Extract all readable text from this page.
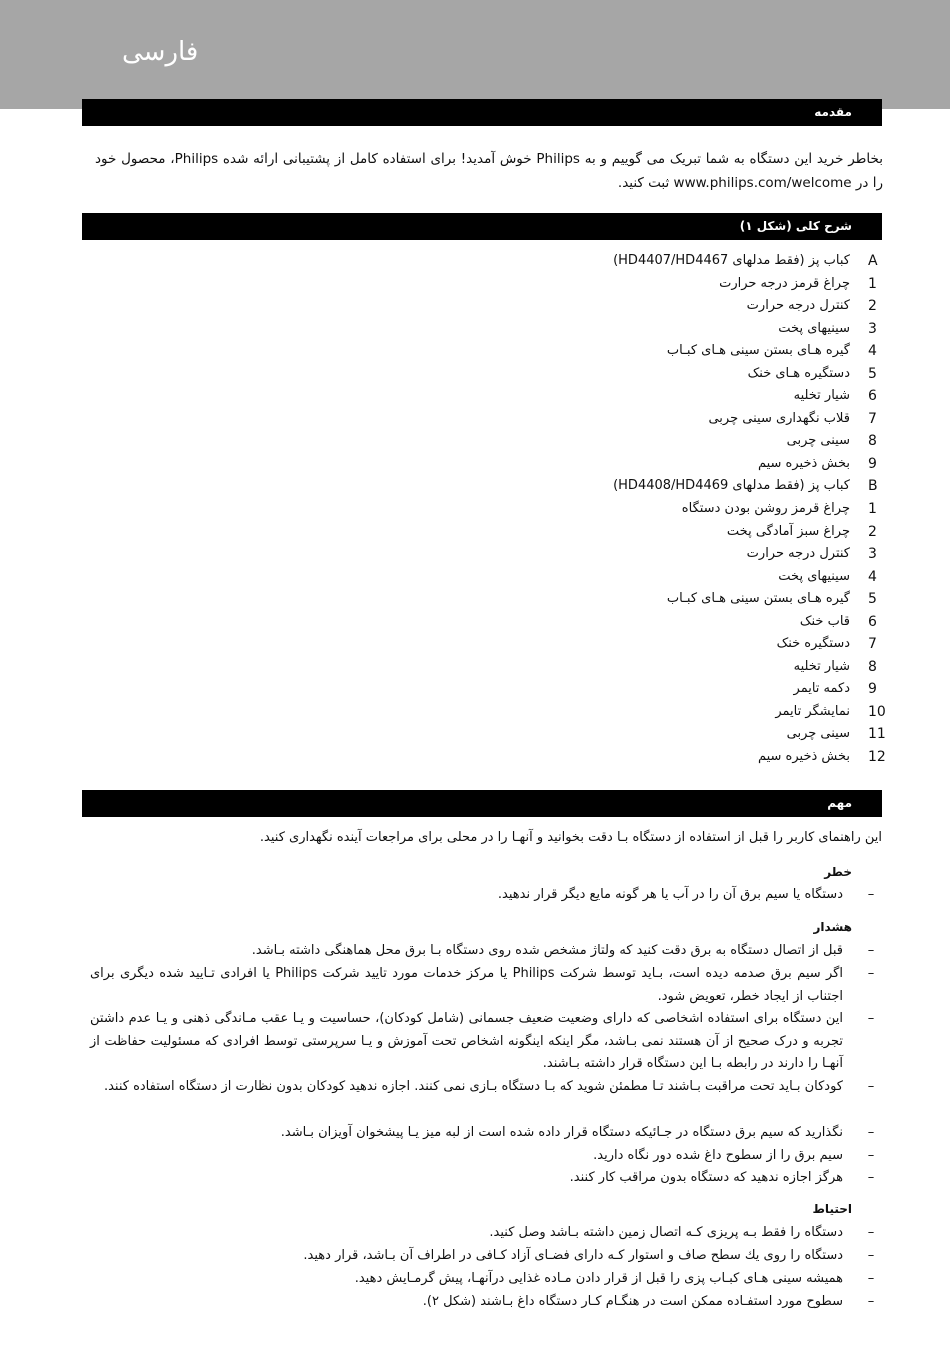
فارسی
مقدمه
بخاطر خرید این دستگاه به شما تبریک می گوییم و به Philips خوش آمدید! برای استفاده کامل از پشتیبانی ارائه شده Philips، محصول خود را در www.philips.com/welcome ثبت کنید.
شرح کلی (شکل ۱)
A
کباب پز (فقط مدلهای HD4407/HD4467)
1
چراغ قرمز درجه حرارت
2
کنترل درجه حرارت
3
سینیهای پخت
4
گیره هـای بستن سینی هـای کبـاب
5
دستگیره هـای خنک
6
شیار تخلیه
7
قلاب نگهداری سینی چربی
8
سینی چربی
9
بخش ذخیره سیم
B
کباب پز (فقط مدلهای HD4408/HD4469)
1
چراغ قرمز روشن بودن دستگاه
2
چراغ سبز آمادگی پخت
3
کنترل درجه حرارت
4
سینیهای پخت
5
گیره هـای بستن سینی هـای کبـاب
6
قاب خنک
7
دستگیره خنک
8
شیار تخلیه
9
دکمه تایمر
10
نمایشگر تایمر
11
سینی چربی
12
بخش ذخیره سیم
مهم
این راهنمای کاربر را قبل از استفاده از دستگاه بـا دقت بخوانید و آنهـا را در محلی برای مراجعات آینده نگهداری کنید.
خطر
–
دستگاه یا سیم برق آن را در آب یا هر گونه مایع دیگر قرار ندهید.
هشدار
–
قبل از اتصال دستگاه به برق دقت کنید که ولتاژ مشخص شده روی دستگاه بـا برق محل هماهنگی داشته بـاشد.
–
اگر سیم برق صدمه دیده است، بـاید توسط شرکت Philips یا مرکز خدمات مورد تایید شرکت Philips یا افرادی تـایید شده دیگری برای اجتناب از ایجاد خطر، تعویض شود.
–
این دستگاه برای استفاده اشخاصی که دارای وضعیت ضعیف جسمانی (شامل کودکان)، حساسیت و یـا عقب مـاندگی ذهنی و یـا عدم داشتن تجربه و درک صحیح از آن هستند نمی بـاشد، مگر اینکه اینگونه اشخاص تحت آموزش و یـا سرپرستی توسط افرادی که مسئولیت حفاظت از آنهـا را دارند در رابطه بـا این دستگاه قرار داشته بـاشند.
–
کودکان بـاید تحت مراقبت بـاشند تـا مطمئن شوید که بـا دستگاه بـازی نمی کنند. اجازه ندهید کودکان بدون نظارت از دستگاه استفاده کنند.
–
نگذارید که سیم برق دستگاه در جـائیکه دستگاه قرار داده شده است از لبه میز یـا پیشخوان آویزان بـاشد.
–
سیم برق را از سطوح داغ شده دور نگاه دارید.
–
هرگز اجازه ندهید که دستگاه بدون مراقب کار کنند.
احتیاط
–
دستگاه را فقط بـه پریزی کـه اتصال زمین داشته بـاشد وصل کنید.
–
دستگاه را روی یك سطح صاف و استوار کـه دارای فضـای آزاد کـافی در اطراف آن بـاشد، قرار دهید.
–
همیشه سینی هـای کبـاب پزی را قبل از قرار دادن مـاده غذایی درآنهـا، پیش گرمـایش دهید.
–
سطوح مورد استفـاده ممکن است در هنگـام کـار دستگاه داغ بـاشند (شکل ۲).
